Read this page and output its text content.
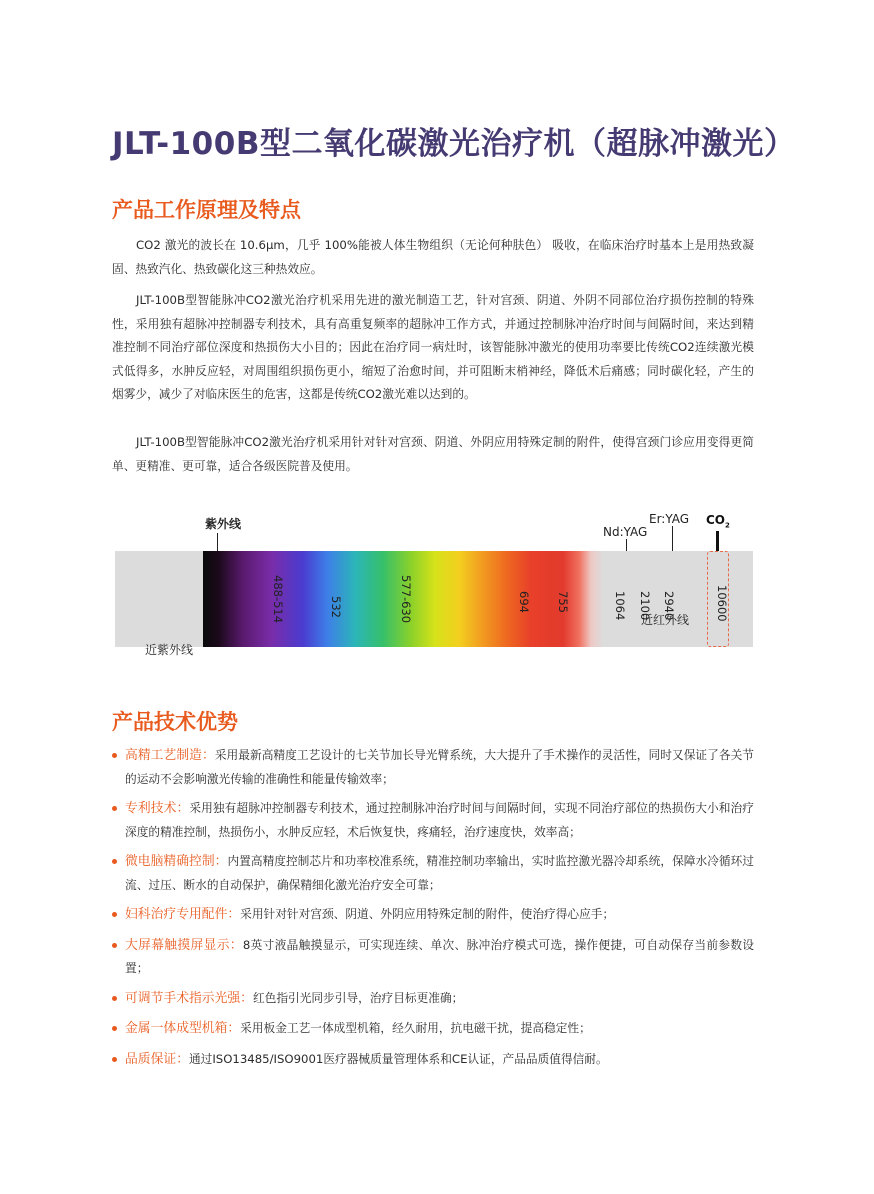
JLT-100B型二氧化碳激光治疗机（超脉冲激光）
产品工作原理及特点

CO2 激光的波长在 10.6μm，几乎 100%能被人体生物组织（无论何种肤色） 吸收，在临床治疗时基本上是用热致凝固、热致汽化、热致碳化这三种热效应。

JLT-100B型智能脉冲CO2激光治疗机采用先进的激光制造工艺，针对宫颈、阴道、外阴不同部位治疗损伤控制的特殊性，采用独有超脉冲控制器专利技术，具有高重复频率的超脉冲工作方式，并通过控制脉冲治疗时间与间隔时间，来达到精准控制不同治疗部位深度和热损伤大小目的；因此在治疗同一病灶时，该智能脉冲激光的使用功率要比传统CO2连续激光模式低得多，水肿反应轻，对周围组织损伤更小，缩短了治愈时间，并可阻断末梢神经，降低术后痛感；同时碳化轻，产生的烟雾少，减少了对临床医生的危害，这都是传统CO2激光难以达到的。

JLT-100B型智能脉冲CO2激光治疗机采用针对针对宫颈、阴道、外阴应用特殊定制的附件，使得宫颈门诊应用变得更简单、更精准、更可靠，适合各级医院普及使用。

近紫外线
近红外线
488-514	532	577-630	694 755	1064 2100 2940	10600
紫外线
Nd:YAG
Er:YAG $CO_2$
产品技术优势
高精工艺制造：采用最新高精度工艺设计的七关节加长导光臂系统，大大提升了手术操作的灵活性，同时又保证了各关节的运动不会影响激光传输的准确性和能量传输效率；
专利技术：采用独有超脉冲控制器专利技术，通过控制脉冲治疗时间与间隔时间，实现不同治疗部位的热损伤大小和治疗深度的精准控制，热损伤小，水肿反应轻，术后恢复快，疼痛轻，治疗速度快，效率高；
微电脑精确控制：内置高精度控制芯片和功率校准系统，精准控制功率输出，实时监控激光器冷却系统，保障水冷循环过流、过压、断水的自动保护，确保精细化激光治疗安全可靠；
妇科治疗专用配件：采用针对针对宫颈、阴道、外阴应用特殊定制的附件，使治疗得心应手；
大屏幕触摸屏显示：8英寸液晶触摸显示，可实现连续、单次、脉冲治疗模式可选，操作便捷，可自动保存当前参数设置；
可调节手术指示光强：红色指引光同步引导，治疗目标更准确；
金属一体成型机箱：采用板金工艺一体成型机箱，经久耐用，抗电磁干扰，提高稳定性；
品质保证：通过ISO13485/ISO9001医疗器械质量管理体系和CE认证，产品品质值得信耐。
